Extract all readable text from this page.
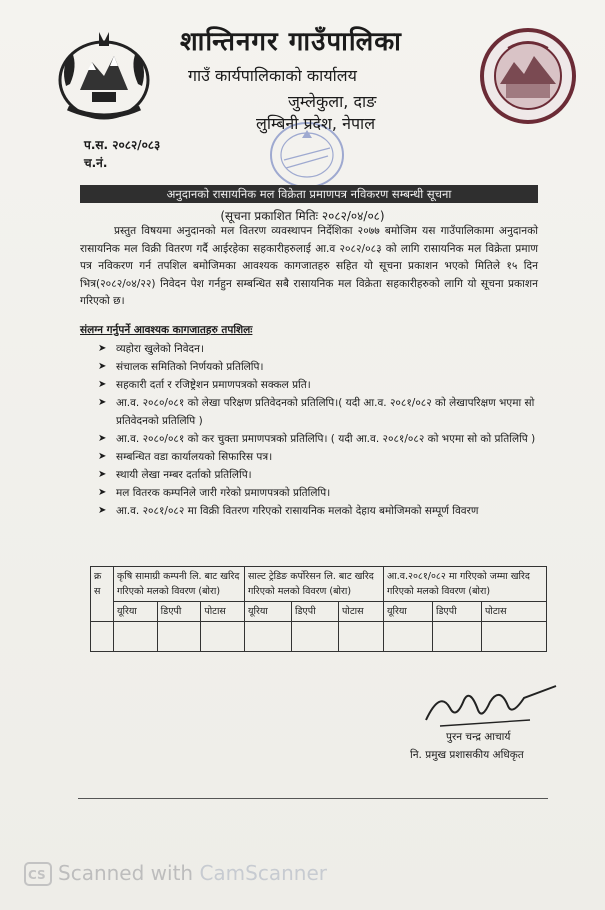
शान्तिनगर गाउँपालिका
गाउँ कार्यपालिकाको कार्यालय
जुम्लेकुला, दाङ
लुम्बिनी प्रदेश, नेपाल
प.स. २०८२/०८३
च.नं.
अनुदानको रासायनिक मल विक्रेता प्रमाणपत्र नविकरण सम्बन्धी सूचना
(सूचना प्रकाशित मितिः २०८२/०४/०८)
प्रस्तुत विषयमा अनुदानको मल वितरण व्यवस्थापन निर्देशिका २०७७ बमोजिम यस गाउँपालिकामा अनुदानको रासायनिक मल विक्री वितरण गर्दै आईरहेका सहकारीहरुलाई आ.व २०८२/०८३ को लागि रासायनिक मल विक्रेता प्रमाण पत्र नविकरण गर्न तपशिल बमोजिमका आवश्यक कागजातहरु सहित यो सूचना प्रकाशन भएको मितिले १५ दिन भित्र(२०८२/०४/२२) निवेदन पेश गर्नहुन सम्बन्धित सबै रासायनिक मल विक्रेता सहकारीहरुको लागि यो सूचना प्रकाशन गरिएको छ।
संलग्न गर्नुपर्ने आवश्यक कागजातहरु तपशिलः
➤ व्यहोरा खुलेको निवेदन।
➤ संचालक समितिको निर्णयको प्रतिलिपि।
➤ सहकारी दर्ता र रजिष्ट्रेशन प्रमाणपत्रको सक्कल प्रति।
➤ आ.व. २०८०/०८१ को लेखा परिक्षण प्रतिवेदनको प्रतिलिपि।( यदी आ.व. २०८१/०८२ को लेखापरिक्षण भएमा सो प्रतिवेदनको प्रतिलिपि )
➤ आ.व. २०८०/०८१ को कर चुक्ता प्रमाणपत्रको प्रतिलिपि। ( यदी आ.व. २०८१/०८२ को भएमा सो को प्रतिलिपि )
➤ सम्बन्धित वडा कार्यालयको सिफारिस पत्र।
➤ स्थायी लेखा नम्बर दर्ताको प्रतिलिपि।
➤ मल वितरक कम्पनिले जारी गरेको प्रमाणपत्रको प्रतिलिपि।
➤ आ.व. २०८१/०८२ मा विक्री वितरण गरिएको रासायनिक मलको देहाय बमोजिमको सम्पूर्ण विवरण
क्र स	कृषि सामाग्री कम्पनी लि. बाट खरिद गरिएको मलको विवरण (बोरा)			साल्ट ट्रेडिङ कर्पोरेसन लि. बाट खरिद गरिएको मलको विवरण (बोरा)			आ.व.२०८१/०८२ मा गरिएको जम्मा खरिद गरिएको मलको विवरण (बोरा)		
	यूरिया	डिएपी	पोटास	यूरिया	डिएपी	पोटास	यूरिया	डिएपी	पोटास

पुरन चन्द्र आचार्य
नि. प्रमुख प्रशासकीय अधिकृत
CS Scanned with CamScanner
